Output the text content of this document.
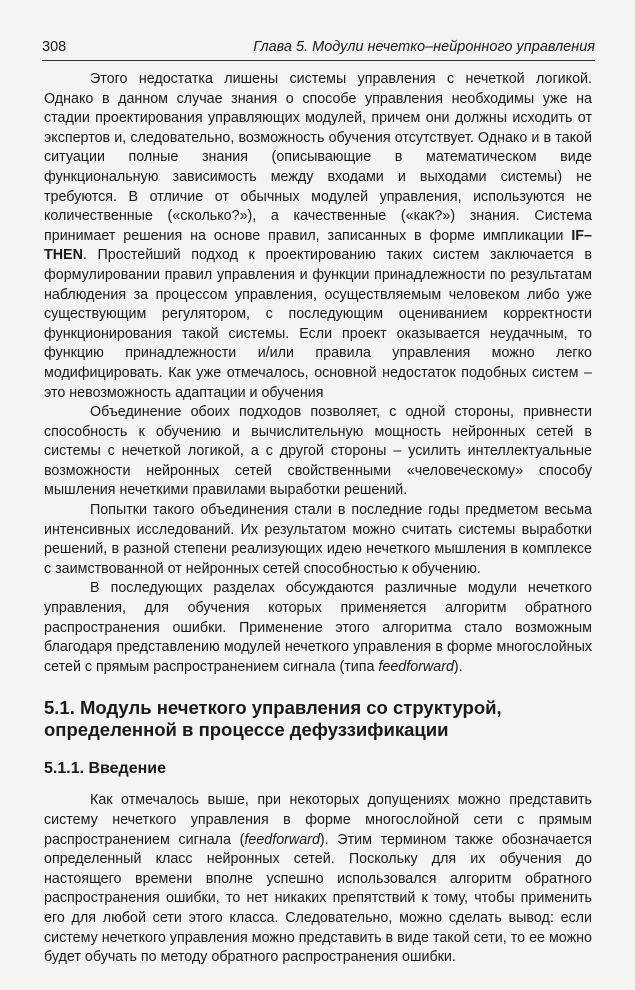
308	Глава 5. Модули нечетко–нейронного управления

Этого недостатка лишены системы управления с нечеткой логикой. Однако в данном случае знания о способе управления необходимы уже на стадии проектирования управляющих модулей, причем они должны исходить от экспертов и, следовательно, возможность обучения отсутствует. Однако и в такой ситуации полные знания (описывающие в математическом виде функциональную зависимость между входами и выходами системы) не требуются. В отличие от обычных модулей управления, используются не количественные («сколько?»), а качественные («как?») знания. Система принимает решения на основе правил, записанных в форме импликации IF–THEN. Простейший подход к проектированию таких систем заключается в формулировании правил управления и функции принадлежности по результатам наблюдения за процессом управления, осуществляемым человеком либо уже существующим регулятором, с последующим оцениванием корректности функционирования такой системы. Если проект оказывается неудачным, то функцию принадлежности и/или правила управления можно легко модифицировать. Как уже отмечалось, основной недостаток подобных систем – это невозможность адаптации и обучения

Объединение обоих подходов позволяет, с одной стороны, привнести способность к обучению и вычислительную мощность нейронных сетей в системы с нечеткой логикой, а с другой стороны – усилить интеллектуальные возможности нейронных сетей свойственными «человеческому» способу мышления нечеткими правилами выработки решений.

Попытки такого объединения стали в последние годы предметом весьма интенсивных исследований. Их результатом можно считать системы выработки решений, в разной степени реализующих идею нечеткого мышления в комплексе с заимствованной от нейронных сетей способностью к обучению.

В последующих разделах обсуждаются различные модули нечеткого управления, для обучения которых применяется алгоритм обратного распространения ошибки. Применение этого алгоритма стало возможным благодаря представлению модулей нечеткого управления в форме многослойных сетей с прямым распространением сигнала (типа feedforward).

5.1. Модуль нечеткого управления со структурой, определенной в процессе дефуззификации
5.1.1. Введение

Как отмечалось выше, при некоторых допущениях можно представить систему нечеткого управления в форме многослойной сети с прямым распространением сигнала (feedforward). Этим термином также обозначается определенный класс нейронных сетей. Поскольку для их обучения до настоящего времени вполне успешно использовался алгоритм обратного распространения ошибки, то нет никаких препятствий к тому, чтобы применить его для любой сети этого класса. Следовательно, можно сделать вывод: если систему нечеткого управления можно представить в виде такой сети, то ее можно будет обучать по методу обратного распространения ошибки.
